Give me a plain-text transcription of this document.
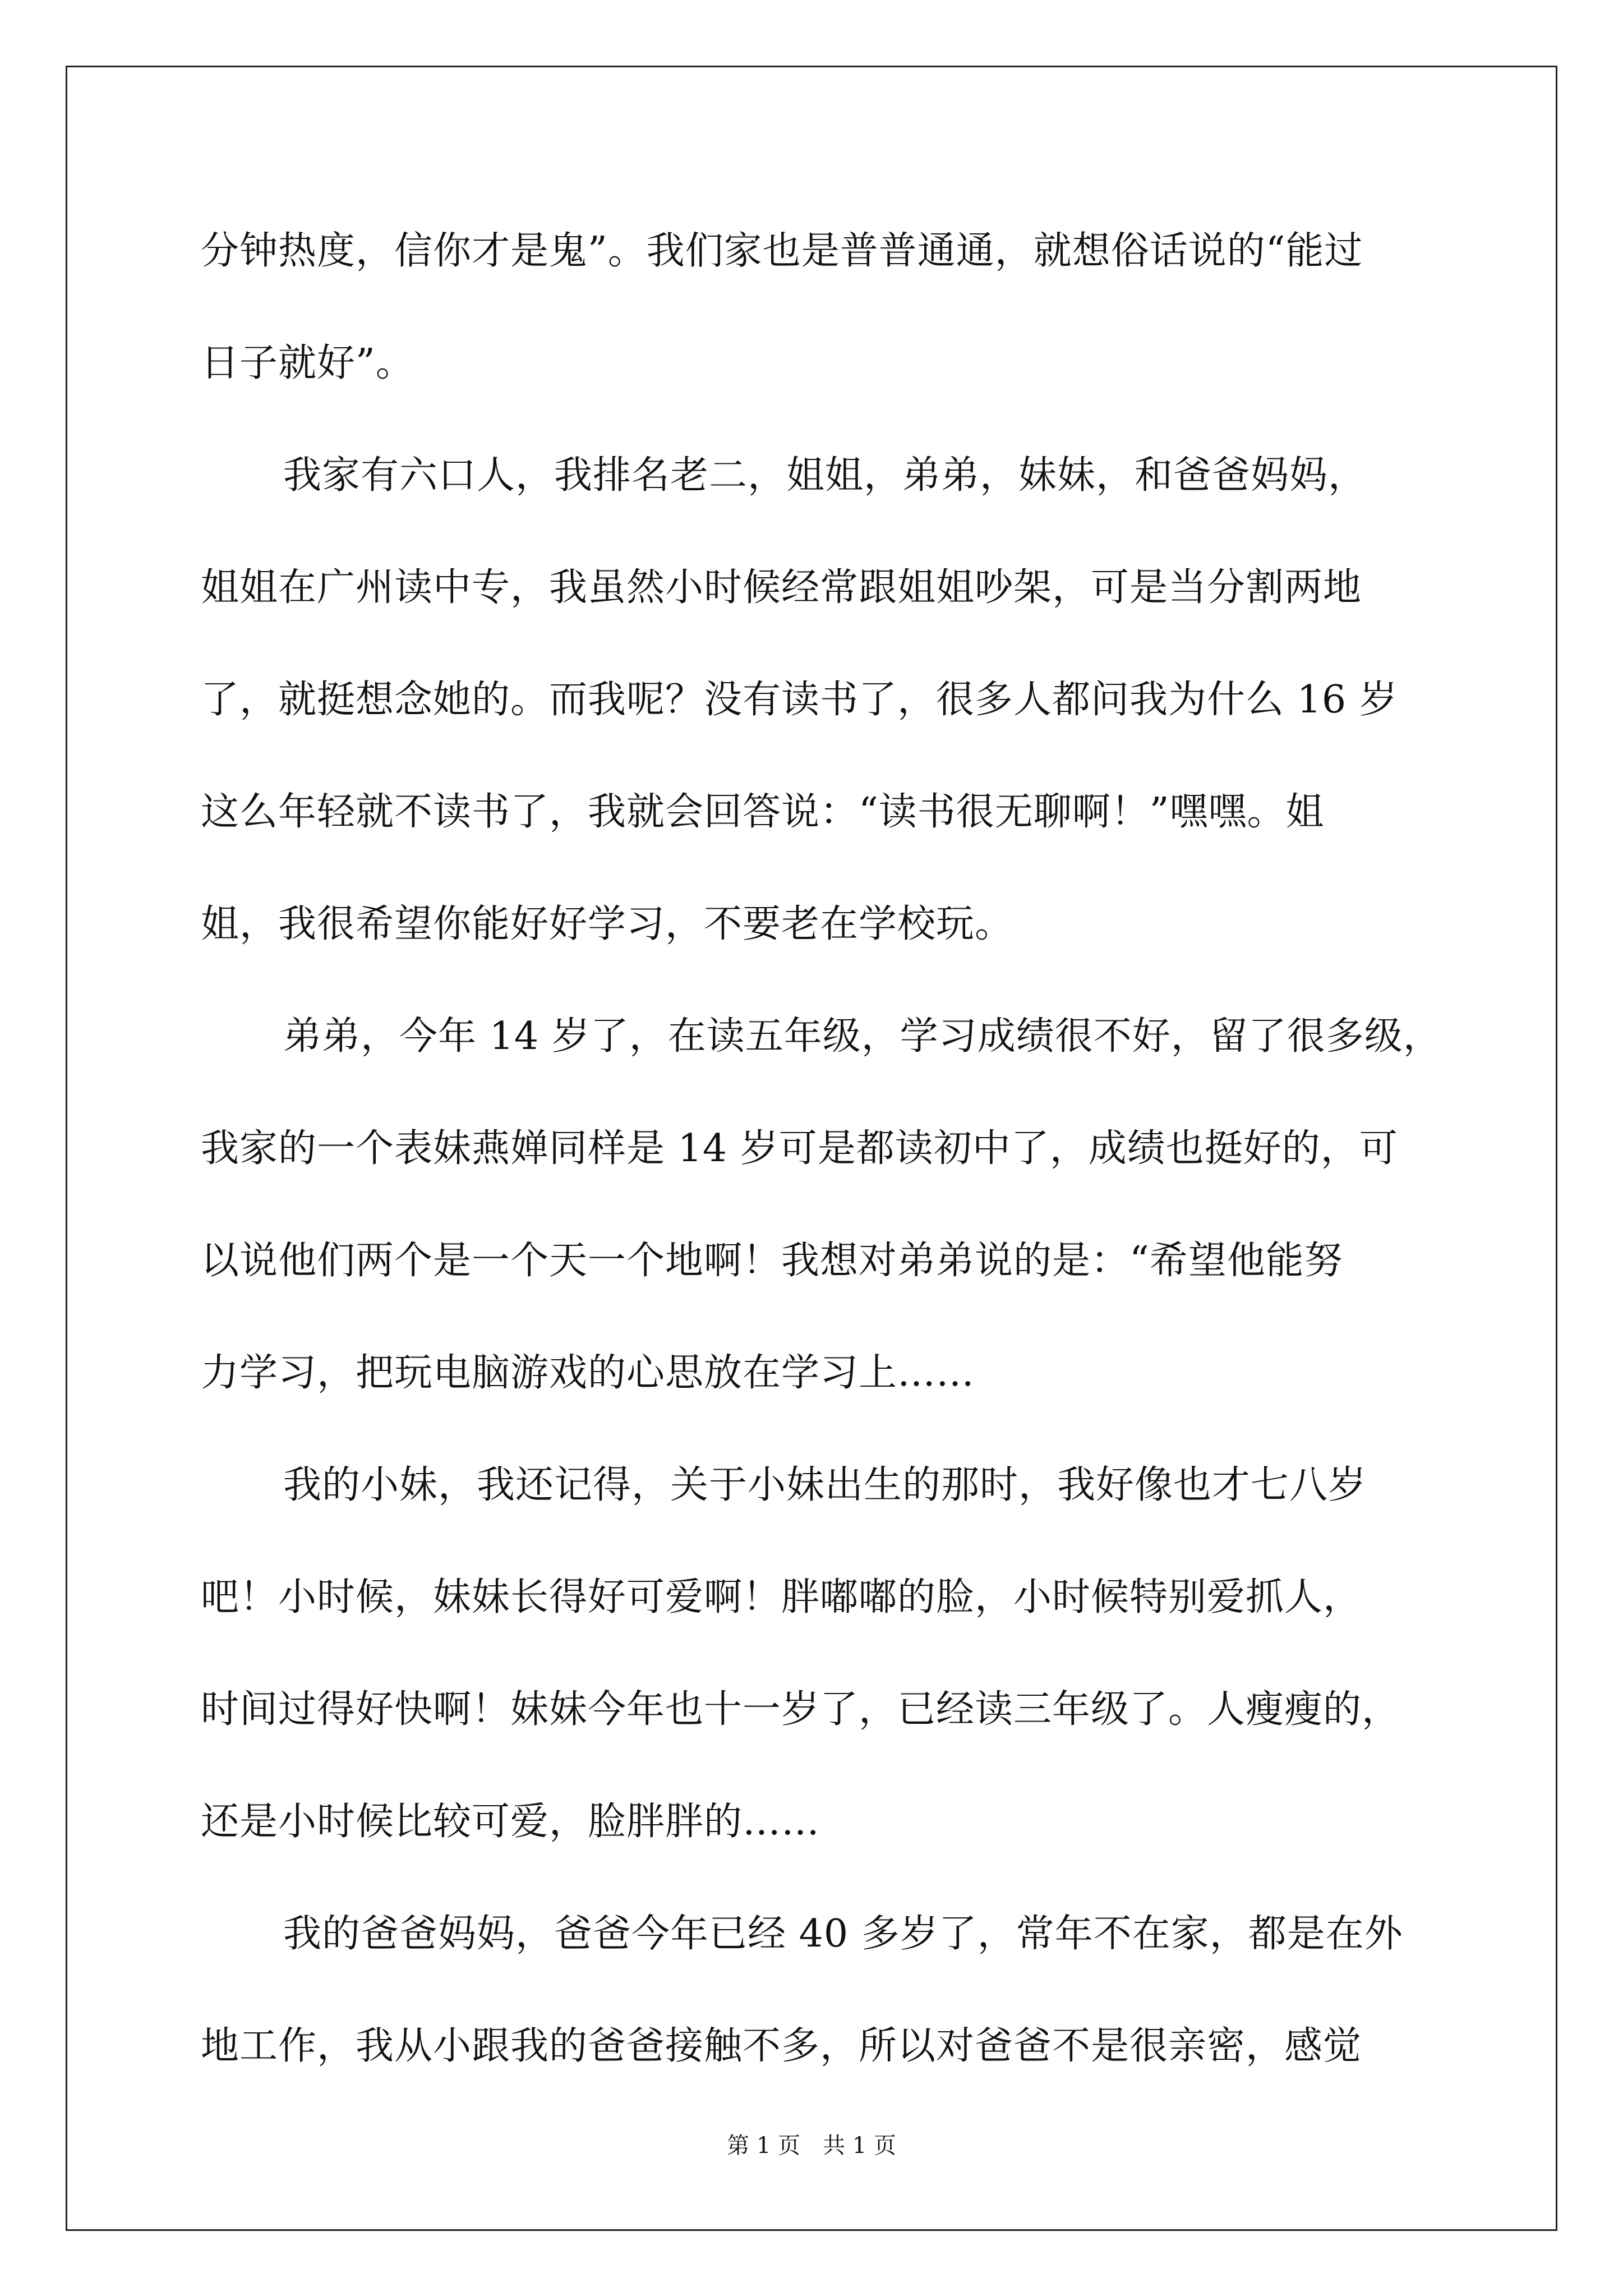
分钟热度，信你才是鬼”。我们家也是普普通通，就想俗话说的“能过
日子就好”。
我家有六口人，我排名老二，姐姐，弟弟，妹妹，和爸爸妈妈，
姐姐在广州读中专，我虽然小时候经常跟姐姐吵架，可是当分割两地
了，就挺想念她的。而我呢？没有读书了，很多人都问我为什么 16 岁
这么年轻就不读书了，我就会回答说：“读书很无聊啊！”嘿嘿。姐
姐，我很希望你能好好学习，不要老在学校玩。
弟弟，今年 14 岁了，在读五年级，学习成绩很不好，留了很多级，
我家的一个表妹燕婵同样是 14 岁可是都读初中了，成绩也挺好的，可
以说他们两个是一个天一个地啊！我想对弟弟说的是：“希望他能努
力学习，把玩电脑游戏的心思放在学习上……
我的小妹，我还记得，关于小妹出生的那时，我好像也才七八岁
吧！小时候，妹妹长得好可爱啊！胖嘟嘟的脸，小时候特别爱抓人，
时间过得好快啊！妹妹今年也十一岁了，已经读三年级了。人瘦瘦的，
还是小时候比较可爱，脸胖胖的……
我的爸爸妈妈，爸爸今年已经 40 多岁了，常年不在家，都是在外
地工作，我从小跟我的爸爸接触不多，所以对爸爸不是很亲密，感觉
第 1 页　共 1 页
